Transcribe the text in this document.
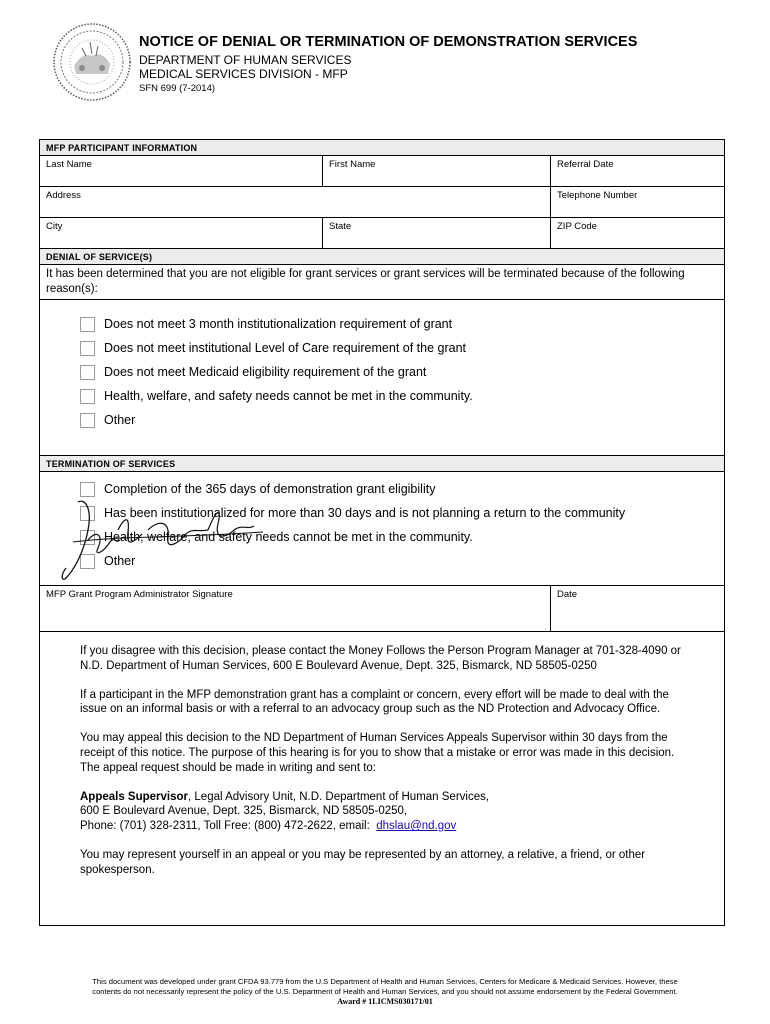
NOTICE OF DENIAL OR TERMINATION OF DEMONSTRATION SERVICES
DEPARTMENT OF HUMAN SERVICES
MEDICAL SERVICES DIVISION - MFP
SFN 699 (7-2014)
MFP PARTICIPANT INFORMATION
Last Name	First Name	Referral Date
Address	Telephone Number
City	State	ZIP Code
DENIAL OF SERVICE(S)
It has been determined that you are not eligible for grant services or grant services will be terminated because of the following reason(s):
Does not meet 3 month institutionalization requirement of grant
Does not meet institutional Level of Care requirement of the grant
Does not meet Medicaid eligibility requirement of the grant
Health, welfare, and safety needs cannot be met in the community.
Other
TERMINATION OF SERVICES
Completion of the 365 days of demonstration grant eligibility
Has been institutionalized for more than 30 days and is not planning a return to the community
Health, welfare, and safety needs cannot be met in the community.
Other
MFP Grant Program Administrator Signature	Date

If you disagree with this decision, please contact the Money Follows the Person Program Manager at 701-328-4090 or N.D. Department of Human Services, 600 E Boulevard Avenue, Dept. 325, Bismarck, ND 58505-0250

If a participant in the MFP demonstration grant has a complaint or concern, every effort will be made to deal with the issue on an informal basis or with a referral to an advocacy group such as the ND Protection and Advocacy Office.

You may appeal this decision to the ND Department of Human Services Appeals Supervisor within 30 days from the receipt of this notice. The purpose of this hearing is for you to show that a mistake or error was made in this decision. The appeal request should be made in writing and sent to:

Appeals Supervisor, Legal Advisory Unit, N.D. Department of Human Services,
600 E Boulevard Avenue, Dept. 325, Bismarck, ND 58505-0250,
Phone: (701) 328-2311, Toll Free: (800) 472-2622, email: dhslau@nd.gov

You may represent yourself in an appeal or you may be represented by an attorney, a relative, a friend, or other spokesperson.

This document was developed under grant CFDA 93.779 from the U.S Department of Health and Human Services, Centers for Medicare & Medicaid Services. However, these
contents do not necessarily represent the policy of the U.S. Department of Health and Human Services, and you should not assume endorsement by the Federal Government.
Award # 1LICMS030171/01
